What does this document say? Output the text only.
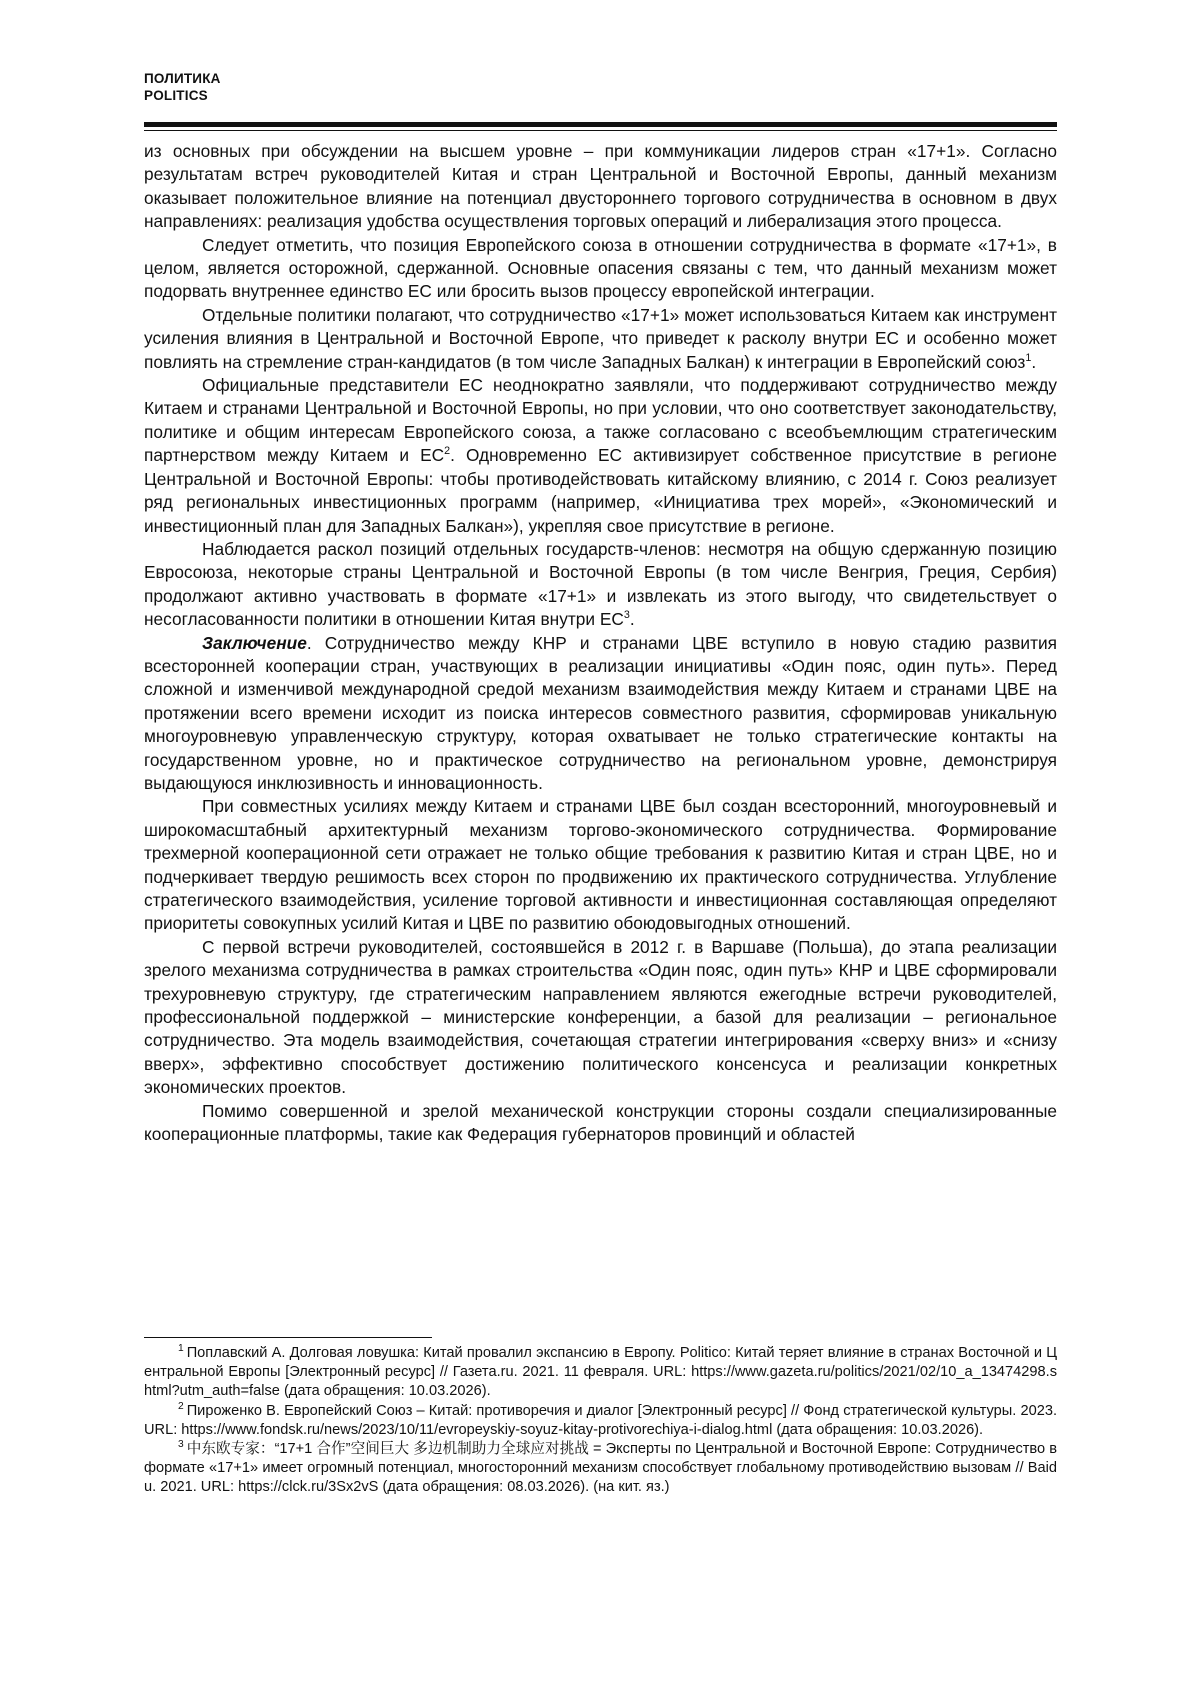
ПОЛИТИКА
POLITICS

из основных при обсуждении на высшем уровне – при коммуникации лидеров стран «17+1». Согласно результатам встреч руководителей Китая и стран Центральной и Восточной Европы, данный механизм оказывает положительное влияние на потенциал двустороннего торгового сотрудничества в основном в двух направлениях: реализация удобства осуществления торговых операций и либерализация этого процесса.

Следует отметить, что позиция Европейского союза в отношении сотрудничества в формате «17+1», в целом, является осторожной, сдержанной. Основные опасения связаны с тем, что данный механизм может подорвать внутреннее единство ЕС или бросить вызов процессу европейской интеграции.

Отдельные политики полагают, что сотрудничество «17+1» может использоваться Китаем как инструмент усиления влияния в Центральной и Восточной Европе, что приведет к расколу внутри ЕС и особенно может повлиять на стремление стран-кандидатов (в том числе Западных Балкан) к интеграции в Европейский союз$^1$.

Официальные представители ЕС неоднократно заявляли, что поддерживают сотрудничество между Китаем и странами Центральной и Восточной Европы, но при условии, что оно соответствует законодательству, политике и общим интересам Европейского союза, а также согласовано с всеобъемлющим стратегическим партнерством между Китаем и $ЕС^2$. Одновременно ЕС активизирует собственное присутствие в регионе Центральной и Восточной Европы: чтобы противодействовать китайскому влиянию, с 2014 г. Союз реализует ряд региональных инвестиционных программ (например, «Инициатива трех морей», «Экономический и инвестиционный план для Западных Балкан»), укрепляя свое присутствие в регионе.

Наблюдается раскол позиций отдельных государств-членов: несмотря на общую сдержанную позицию Евросоюза, некоторые страны Центральной и Восточной Европы (в том числе Венгрия, Греция, Сербия) продолжают активно участвовать в формате «17+1» и извлекать из этого выгоду, что свидетельствует о несогласованности политики в отношении Китая внутри $ЕС^3$.

Заключение. Сотрудничество между КНР и странами ЦВЕ вступило в новую стадию развития всесторонней кооперации стран, участвующих в реализации инициативы «Один пояс, один путь». Перед сложной и изменчивой международной средой механизм взаимодействия между Китаем и странами ЦВЕ на протяжении всего времени исходит из поиска интересов совместного развития, сформировав уникальную многоуровневую управленческую структуру, которая охватывает не только стратегические контакты на государственном уровне, но и практическое сотрудничество на региональном уровне, демонстрируя выдающуюся инклюзивность и инновационность.

При совместных усилиях между Китаем и странами ЦВЕ был создан всесторонний, многоуровневый и широкомасштабный архитектурный механизм торгово-экономического сотрудничества. Формирование трехмерной кооперационной сети отражает не только общие требования к развитию Китая и стран ЦВЕ, но и подчеркивает твердую решимость всех сторон по продвижению их практического сотрудничества. Углубление стратегического взаимодействия, усиление торговой активности и инвестиционная составляющая определяют приоритеты совокупных усилий Китая и ЦВЕ по развитию обоюдовыгодных отношений.

С первой встречи руководителей, состоявшейся в 2012 г. в Варшаве (Польша), до этапа реализации зрелого механизма сотрудничества в рамках строительства «Один пояс, один путь» КНР и ЦВЕ сформировали трехуровневую структуру, где стратегическим направлением являются ежегодные встречи руководителей, профессиональной поддержкой – министерские конференции, а базой для реализации – региональное сотрудничество. Эта модель взаимодействия, сочетающая стратегии интегрирования «сверху вниз» и «снизу вверх», эффективно способствует достижению политического консенсуса и реализации конкретных экономических проектов.

Помимо совершенной и зрелой механической конструкции стороны создали специализированные кооперационные платформы, такие как Федерация губернаторов провинций и областей

$^1$ Поплавский А. Долговая ловушка: Китай провалил экспансию в Европу. Politico: Китай теряет влияние в странах Восточной и Центральной Европы [Электронный ресурс] // Газета.ru. 2021. 11 февраля. URL: https://www.gazeta.ru/politics/2021/02/10_a_13474298.shtml?utm_auth=false (дата обращения: 10.03.2026).

$^2$ Пироженко В. Европейский Союз – Китай: противоречия и диалог [Электронный ресурс] // Фонд стратегической культуры. 2023. URL: https://www.fondsk.ru/news/2023/10/11/evropeyskiy-soyuz-kitay-protivorechiya-i-dialog.html (дата обращения: 10.03.2026).

$^3$ 中东欧专家：“17+1 合作”空间巨大 多边机制助力全球应对挑战 = Эксперты по Центральной и Восточной Европе: Сотрудничество в формате «17+1» имеет огромный потенциал, многосторонний механизм способствует глобальному противодействию вызовам // Baidu. 2021. URL: https://clck.ru/3Sx2vS (дата обращения: 08.03.2026). (на кит. яз.)
